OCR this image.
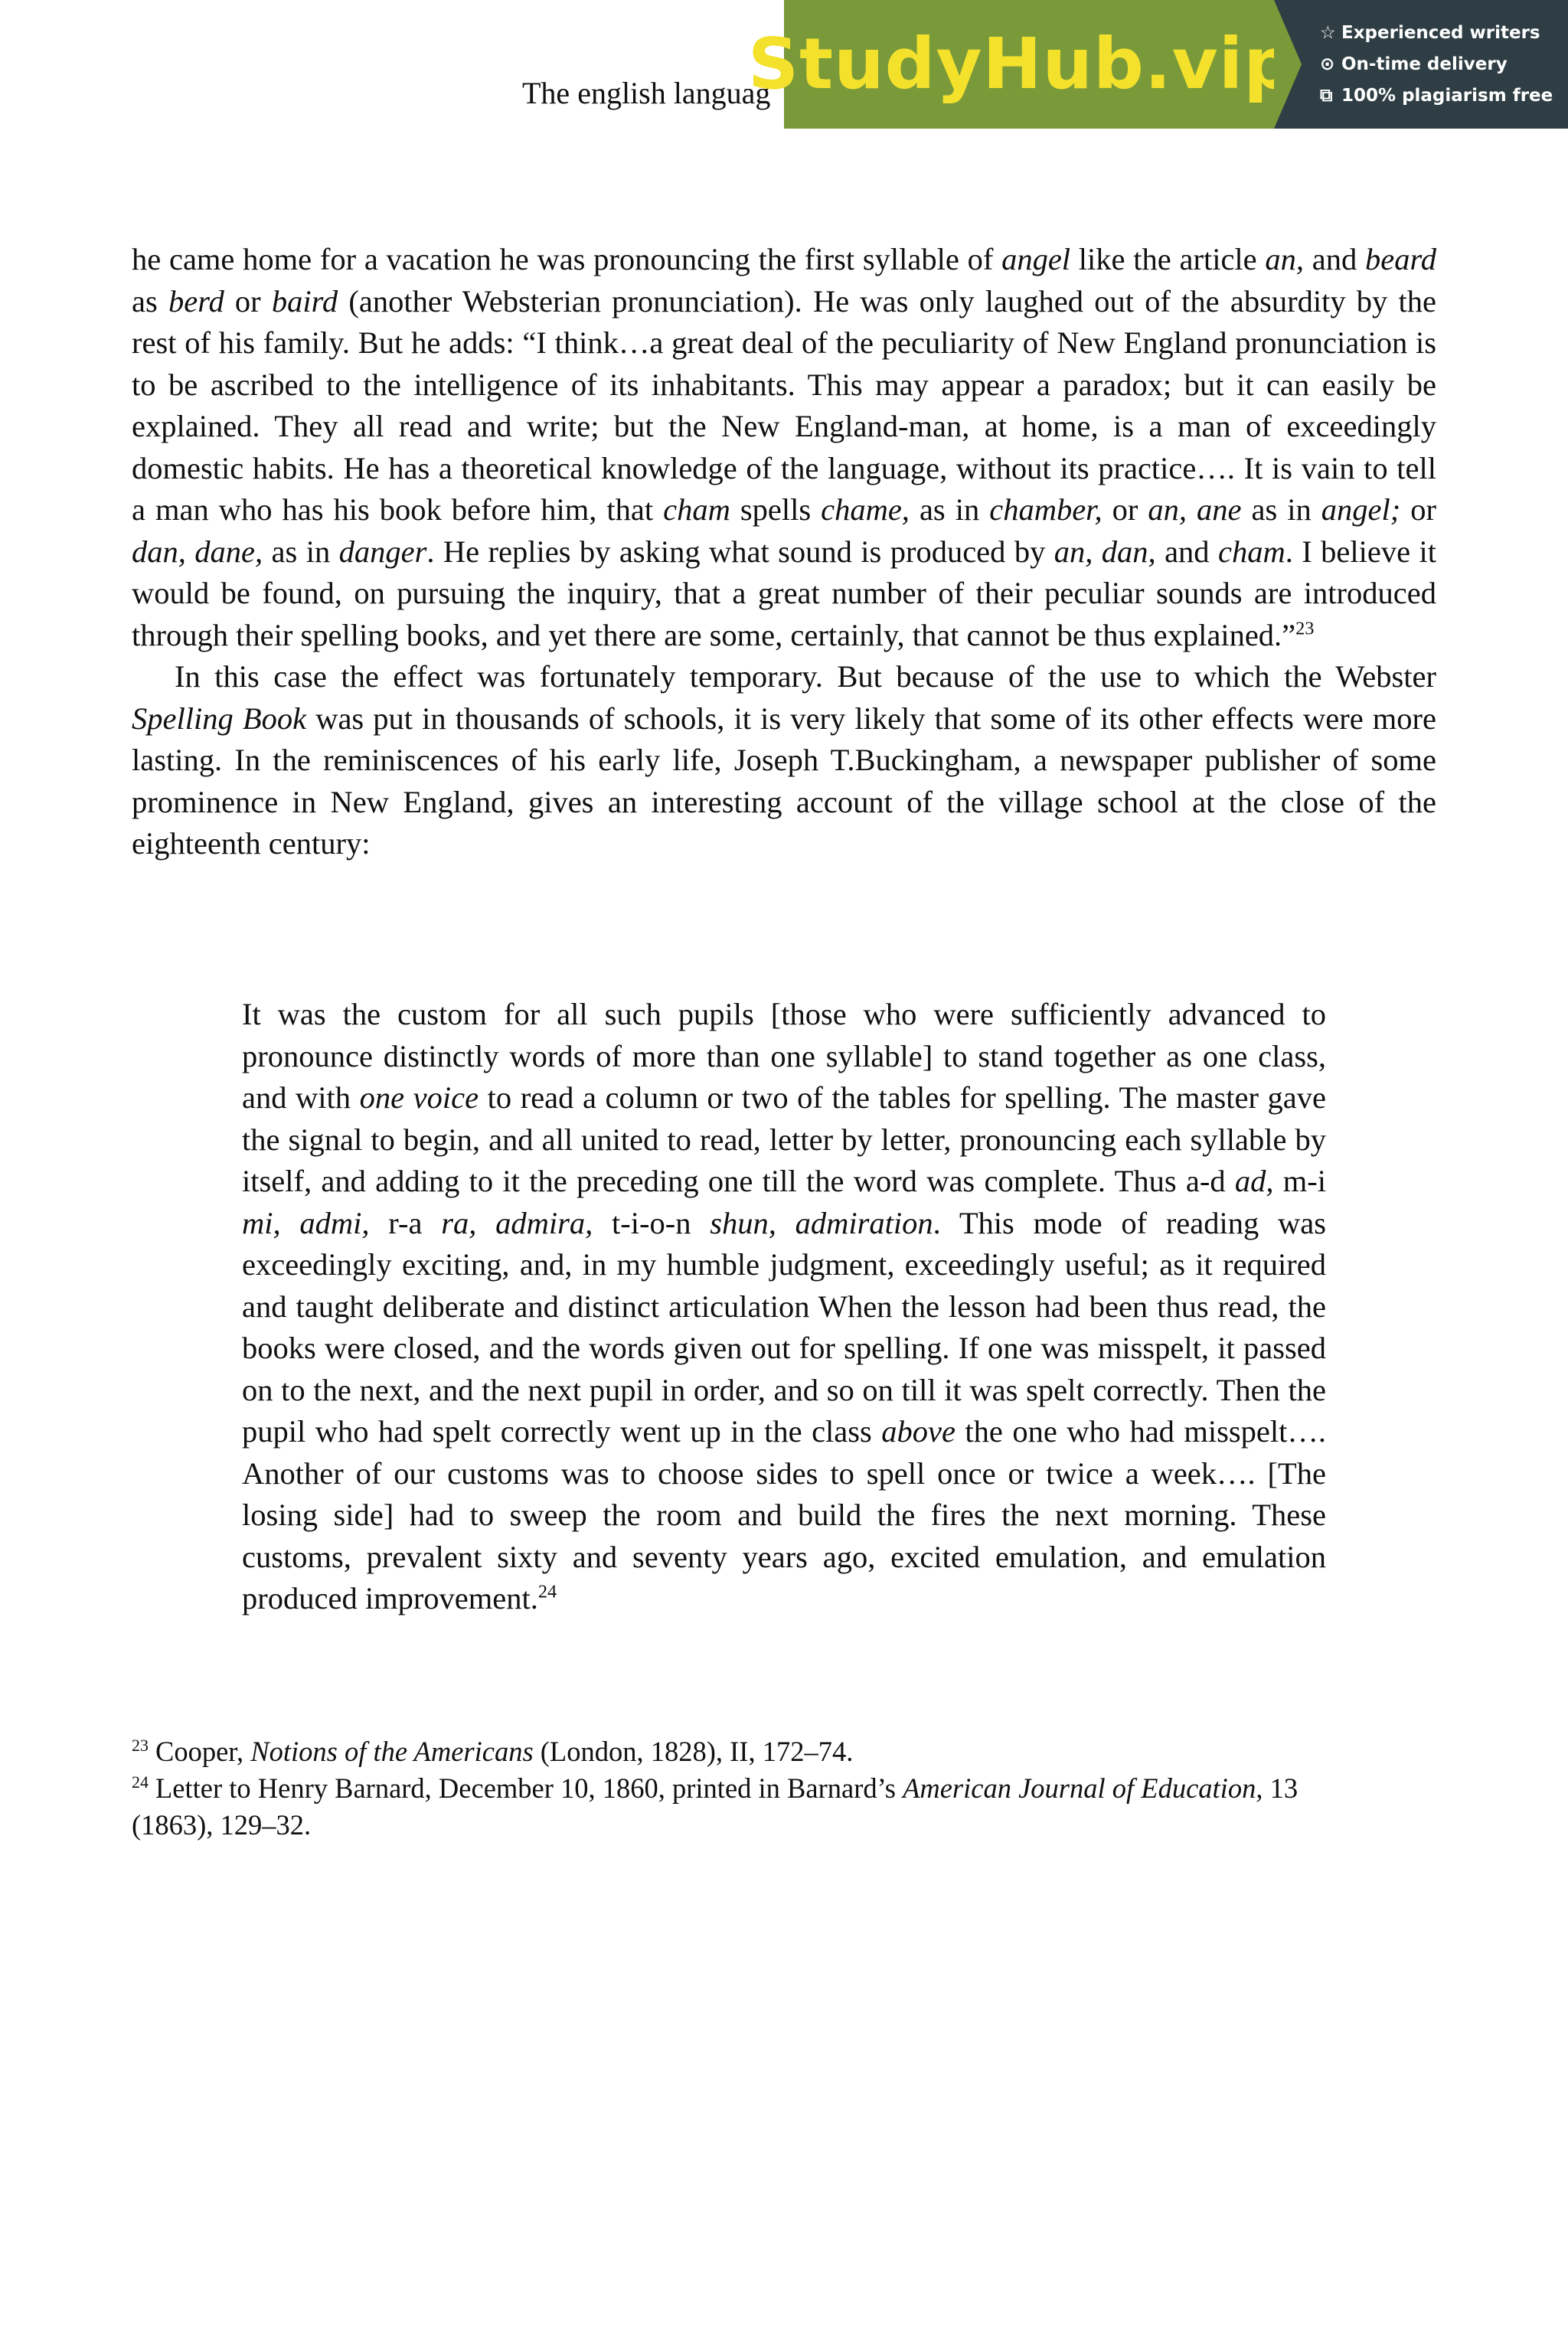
The english languag
StudyHub.vip ☆ Experienced writers
⊙ On-time delivery
⧉ 100% plagiarism free

he came home for a vacation he was pronouncing the first syllable of angel like the article an, and beard as berd or baird (another Websterian pronunciation). He was only laughed out of the absurdity by the rest of his family. But he adds: “I think…a great deal of the peculiarity of New England pronunciation is to be ascribed to the intelligence of its inhabitants. This may appear a paradox; but it can easily be explained. They all read and write; but the New England-man, at home, is a man of exceedingly domestic habits. He has a theoretical knowledge of the language, without its practice…. It is vain to tell a man who has his book before him, that cham spells chame, as in chamber, or an, ane as in angel; or dan, dane, as in danger. He replies by asking what sound is produced by an, dan, and cham. I believe it would be found, on pursuing the inquiry, that a great number of their peculiar sounds are introduced through their spelling books, and yet there are some, certainly, that cannot be thus explained.”$^{23}$

In this case the effect was fortunately temporary. But because of the use to which the Webster Spelling Book was put in thousands of schools, it is very likely that some of its other effects were more lasting. In the reminiscences of his early life, Joseph T.Buckingham, a newspaper publisher of some prominence in New England, gives an interesting account of the village school at the close of the eighteenth century:

It was the custom for all such pupils [those who were sufficiently advanced to pronounce distinctly words of more than one syllable] to stand together as one class, and with one voice to read a column or two of the tables for spelling. The master gave the signal to begin, and all united to read, letter by letter, pronouncing each syllable by itself, and adding to it the preceding one till the word was complete. Thus a-d ad, m-i mi, admi, r-a ra, admira, t-i-o-n shun, admiration. This mode of reading was exceedingly exciting, and, in my humble judgment, exceedingly useful; as it required and taught deliberate and distinct articulation When the lesson had been thus read, the books were closed, and the words given out for spelling. If one was misspelt, it passed on to the next, and the next pupil in order, and so on till it was spelt correctly. Then the pupil who had spelt correctly went up in the class above the one who had misspelt…. Another of our customs was to choose sides to spell once or twice a week…. [The losing side] had to sweep the room and build the fires the next morning. These customs, prevalent sixty and seventy years ago, excited emulation, and emulation produced improvement.$^{24}$

$^{23}$ Cooper, Notions of the Americans (London, 1828), II, 172–74.

$^{24}$ Letter to Henry Barnard, December 10, 1860, printed in Barnard’s American Journal of Education, 13 (1863), 129–32.
